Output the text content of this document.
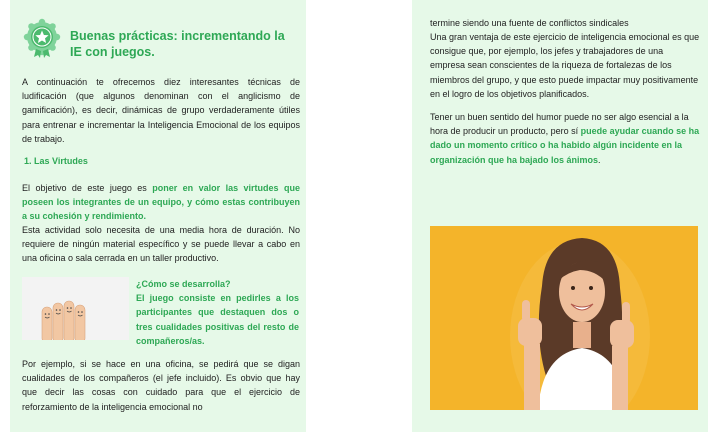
Buenas prácticas: incrementando la IE con juegos.

A continuación te ofrecemos diez interesantes técnicas de ludificación (que algunos denominan con el anglicismo de gamificación), es decir, dinámicas de grupo verdaderamente útiles para entrenar e incrementar la Inteligencia Emocional de los equipos de trabajo.

1. Las Virtudes

El objetivo de este juego es poner en valor las virtudes que poseen los integrantes de un equipo, y cómo estas contribuyen a su cohesión y rendimiento.

Esta actividad solo necesita de una media hora de duración. No requiere de ningún material específico y se puede llevar a cabo en una oficina o sala cerrada en un taller productivo.

¿Cómo se desarrolla?
El juego consiste en pedirles a los participantes que destaquen dos o tres cualidades positivas del resto de compañeros/as.

Por ejemplo, si se hace en una oficina, se pedirá que se digan cualidades de los compañeros (el jefe incluido). Es obvio que hay que decir las cosas con cuidado para que el ejercicio de reforzamiento de la inteligencia emocional no

termine siendo una fuente de conflictos sindicales

Una gran ventaja de este ejercicio de inteligencia emocional es que consigue que, por ejemplo, los jefes y trabajadores de una empresa sean conscientes de la riqueza de fortalezas de los miembros del grupo, y que esto puede impactar muy positivamente en el logro de los objetivos planificados.

Tener un buen sentido del humor puede no ser algo esencial a la hora de producir un producto, pero sí puede ayudar cuando se ha dado un momento crítico o ha habido algún incidente en la organización que ha bajado los ánimos.
